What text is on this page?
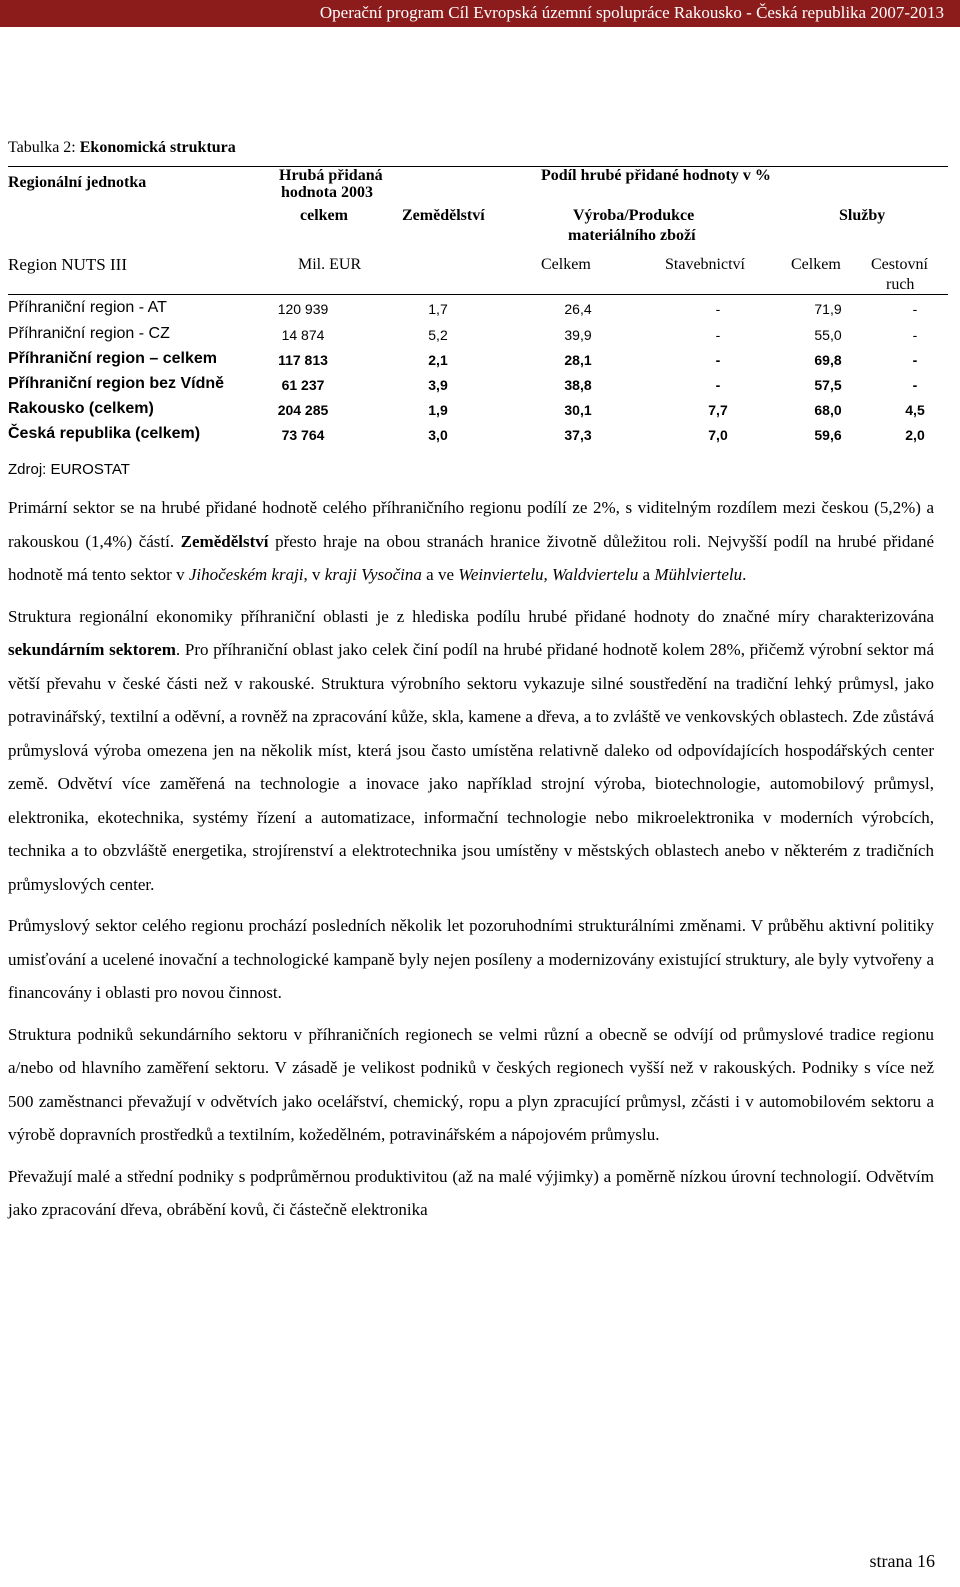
Operační program Cíl Evropská územní spolupráce Rakousko - Česká republika 2007-2013
Tabulka 2: Ekonomická struktura
Regionální jednotka	Hrubá přidaná
hodnota 2003
Podíl hrubé přidané hodnoty v %
celkem	Zemědělství	Výroba/Produkce
materiálního zboží
Služby
Region NUTS III	Mil. EUR	Celkem	Stavebnictví	Celkem Cestovní
ruch
Příhraniční region - AT	120 939	1,7	26,4	-	71,9	-
Příhraniční region - CZ	14 874	5,2	39,9	-	55,0	-
Příhraniční region – celkem	117 813	2,1	28,1	-	69,8	-
Příhraniční region bez Vídně	61 237	3,9	38,8	-	57,5	-
Rakousko (celkem)	204 285	1,9	30,1	7,7	68,0	4,5
Česká republika (celkem)	73 764	3,0	37,3	7,0	59,6	2,0
Zdroj: EUROSTAT

Primární sektor se na hrubé přidané hodnotě celého příhraničního regionu podílí ze 2%, s viditelným rozdílem mezi českou (5,2%) a rakouskou (1,4%) částí. Zemědělství přesto hraje na obou stranách hranice životně důležitou roli. Nejvyšší podíl na hrubé přidané hodnotě má tento sektor v Jihočeském kraji, v kraji Vysočina a ve Weinviertelu, Waldviertelu a Mühlviertelu.

Struktura regionální ekonomiky příhraniční oblasti je z hlediska podílu hrubé přidané hodnoty do značné míry charakterizována sekundárním sektorem. Pro příhraniční oblast jako celek činí podíl na hrubé přidané hodnotě kolem 28%, přičemž výrobní sektor má větší převahu v české části než v rakouské. Struktura výrobního sektoru vykazuje silné soustředění na tradiční lehký průmysl, jako potravinářský, textilní a oděvní, a rovněž na zpracování kůže, skla, kamene a dřeva, a to zvláště ve venkovských oblastech. Zde zůstává průmyslová výroba omezena jen na několik míst, která jsou často umístěna relativně daleko od odpovídajících hospodářských center země. Odvětví více zaměřená na technologie a inovace jako například strojní výroba, biotechnologie, automobilový průmysl, elektronika, ekotechnika, systémy řízení a automatizace, informační technologie nebo mikroelektronika v moderních výrobcích, technika a to obzvláště energetika, strojírenství a elektrotechnika jsou umístěny v městských oblastech anebo v některém z tradičních průmyslových center.

Průmyslový sektor celého regionu prochází posledních několik let pozoruhodními strukturálními změnami. V průběhu aktivní politiky umisťování a ucelené inovační a technologické kampaně byly nejen posíleny a modernizovány existující struktury, ale byly vytvořeny a financovány i oblasti pro novou činnost.

Struktura podniků sekundárního sektoru v příhraničních regionech se velmi různí a obecně se odvíjí od průmyslové tradice regionu a/nebo od hlavního zaměření sektoru. V zásadě je velikost podniků v českých regionech vyšší než v rakouských. Podniky s více než 500 zaměstnanci převažují v odvětvích jako ocelářství, chemický, ropu a plyn zpracující průmysl, zčásti i v automobilovém sektoru a výrobě dopravních prostředků a textilním, kožedělném, potravinářském a nápojovém průmyslu.

Převažují malé a střední podniky s podprůměrnou produktivitou (až na malé výjimky) a poměrně nízkou úrovní technologií. Odvětvím jako zpracování dřeva, obrábění kovů, či částečně elektronika

strana 16
